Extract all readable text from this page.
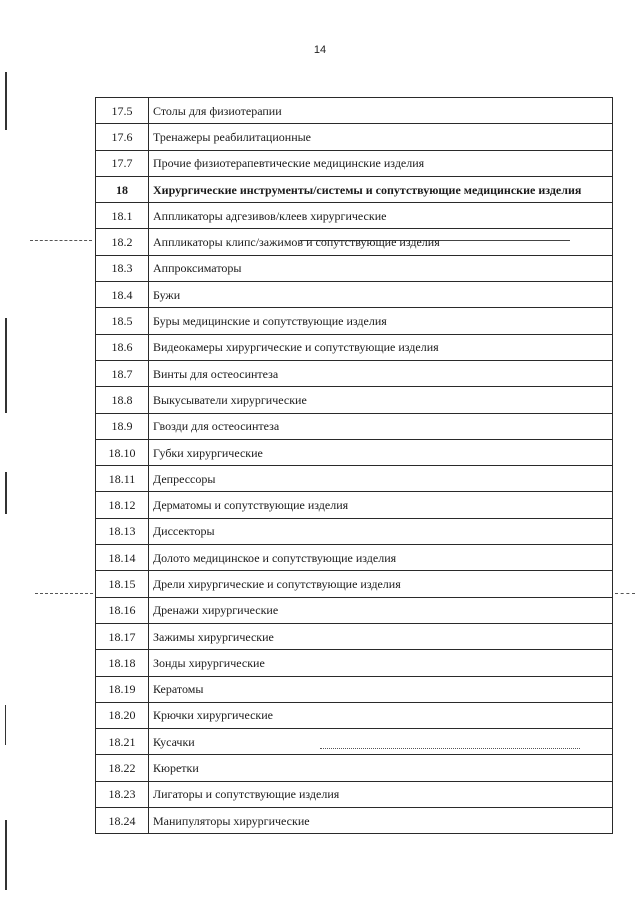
14
17.5	Столы для физиотерапии
17.6	Тренажеры реабилитационные
17.7	Прочие физиотерапевтические медицинские изделия
18	Хирургические инструменты/системы и сопутствующие медицинские изделия
18.1	Аппликаторы адгезивов/клеев хирургические
18.2	Аппликаторы клипс/зажимов и сопутствующие изделия
18.3	Аппроксиматоры
18.4	Бужи
18.5	Буры медицинские и сопутствующие изделия
18.6	Видеокамеры хирургические и сопутствующие изделия
18.7	Винты для остеосинтеза
18.8	Выкусыватели хирургические
18.9	Гвозди для остеосинтеза
18.10	Губки хирургические
18.11	Депрессоры
18.12	Дерматомы и сопутствующие изделия
18.13	Диссекторы
18.14	Долото медицинское и сопутствующие изделия
18.15	Дрели хирургические и сопутствующие изделия
18.16	Дренажи хирургические
18.17	Зажимы хирургические
18.18	Зонды хирургические
18.19	Кератомы
18.20	Крючки хирургические
18.21	Кусачки
18.22	Кюретки
18.23	Лигаторы и сопутствующие изделия
18.24	Манипуляторы хирургические
